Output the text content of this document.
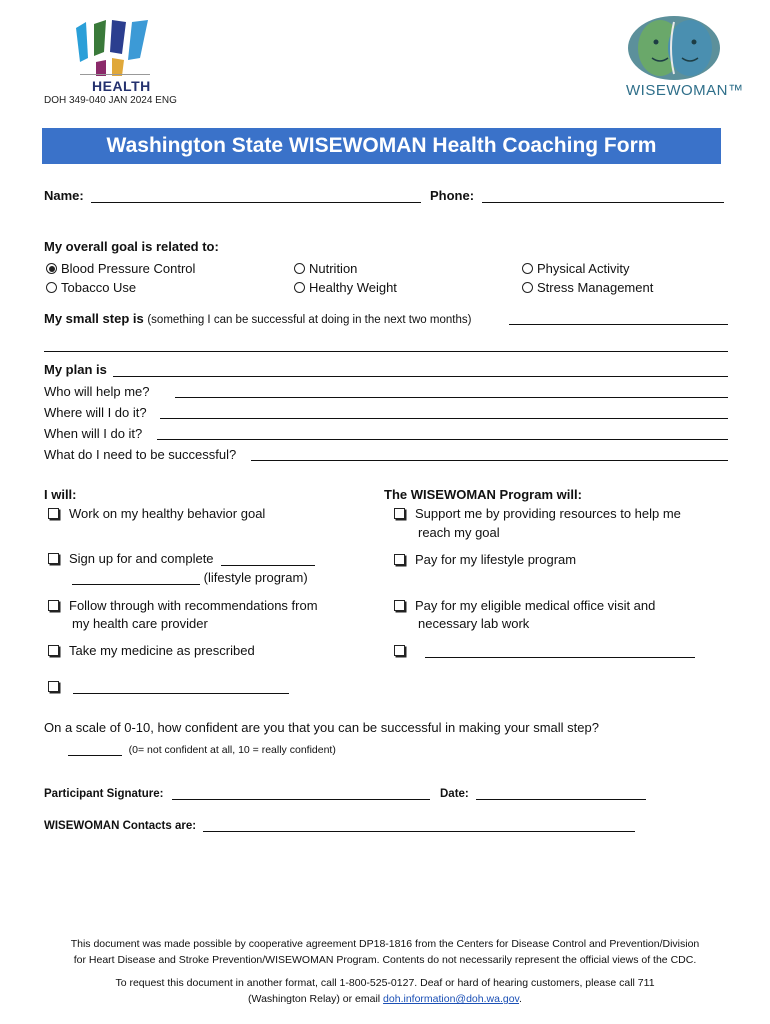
HEALTH
DOH 349-040 JAN 2024 ENG
WISEWOMAN™
Washington State WISEWOMAN Health Coaching Form
Name:	Phone:
My overall goal is related to:
Blood Pressure Control	Nutrition	Physical Activity
Tobacco Use	Healthy Weight	Stress Management
My small step is (something I can be successful at doing in the next two months)
My plan is
Who will help me?
Where will I do it?
When will I do it?
What do I need to be successful?
I will:
Work on my healthy behavior goal
Sign up for and complete
(lifestyle program)
Follow through with recommendations from
my health care provider
Take my medicine as prescribed

The WISEWOMAN Program will:
Support me by providing resources to help me
reach my goal
Pay for my lifestyle program
Pay for my eligible medical office visit and
necessary lab work

On a scale of 0-10, how confident are you that you can be successful in making your small step?
(0= not confident at all, 10 = really confident)
Participant Signature:	Date:
WISEWOMAN Contacts are:
This document was made possible by cooperative agreement DP18-1816 from the Centers for Disease Control and Prevention/Division
for Heart Disease and Stroke Prevention/WISEWOMAN Program. Contents do not necessarily represent the official views of the CDC.
To request this document in another format, call 1-800-525-0127. Deaf or hard of hearing customers, please call 711
(Washington Relay) or email doh.information@doh.wa.gov.
